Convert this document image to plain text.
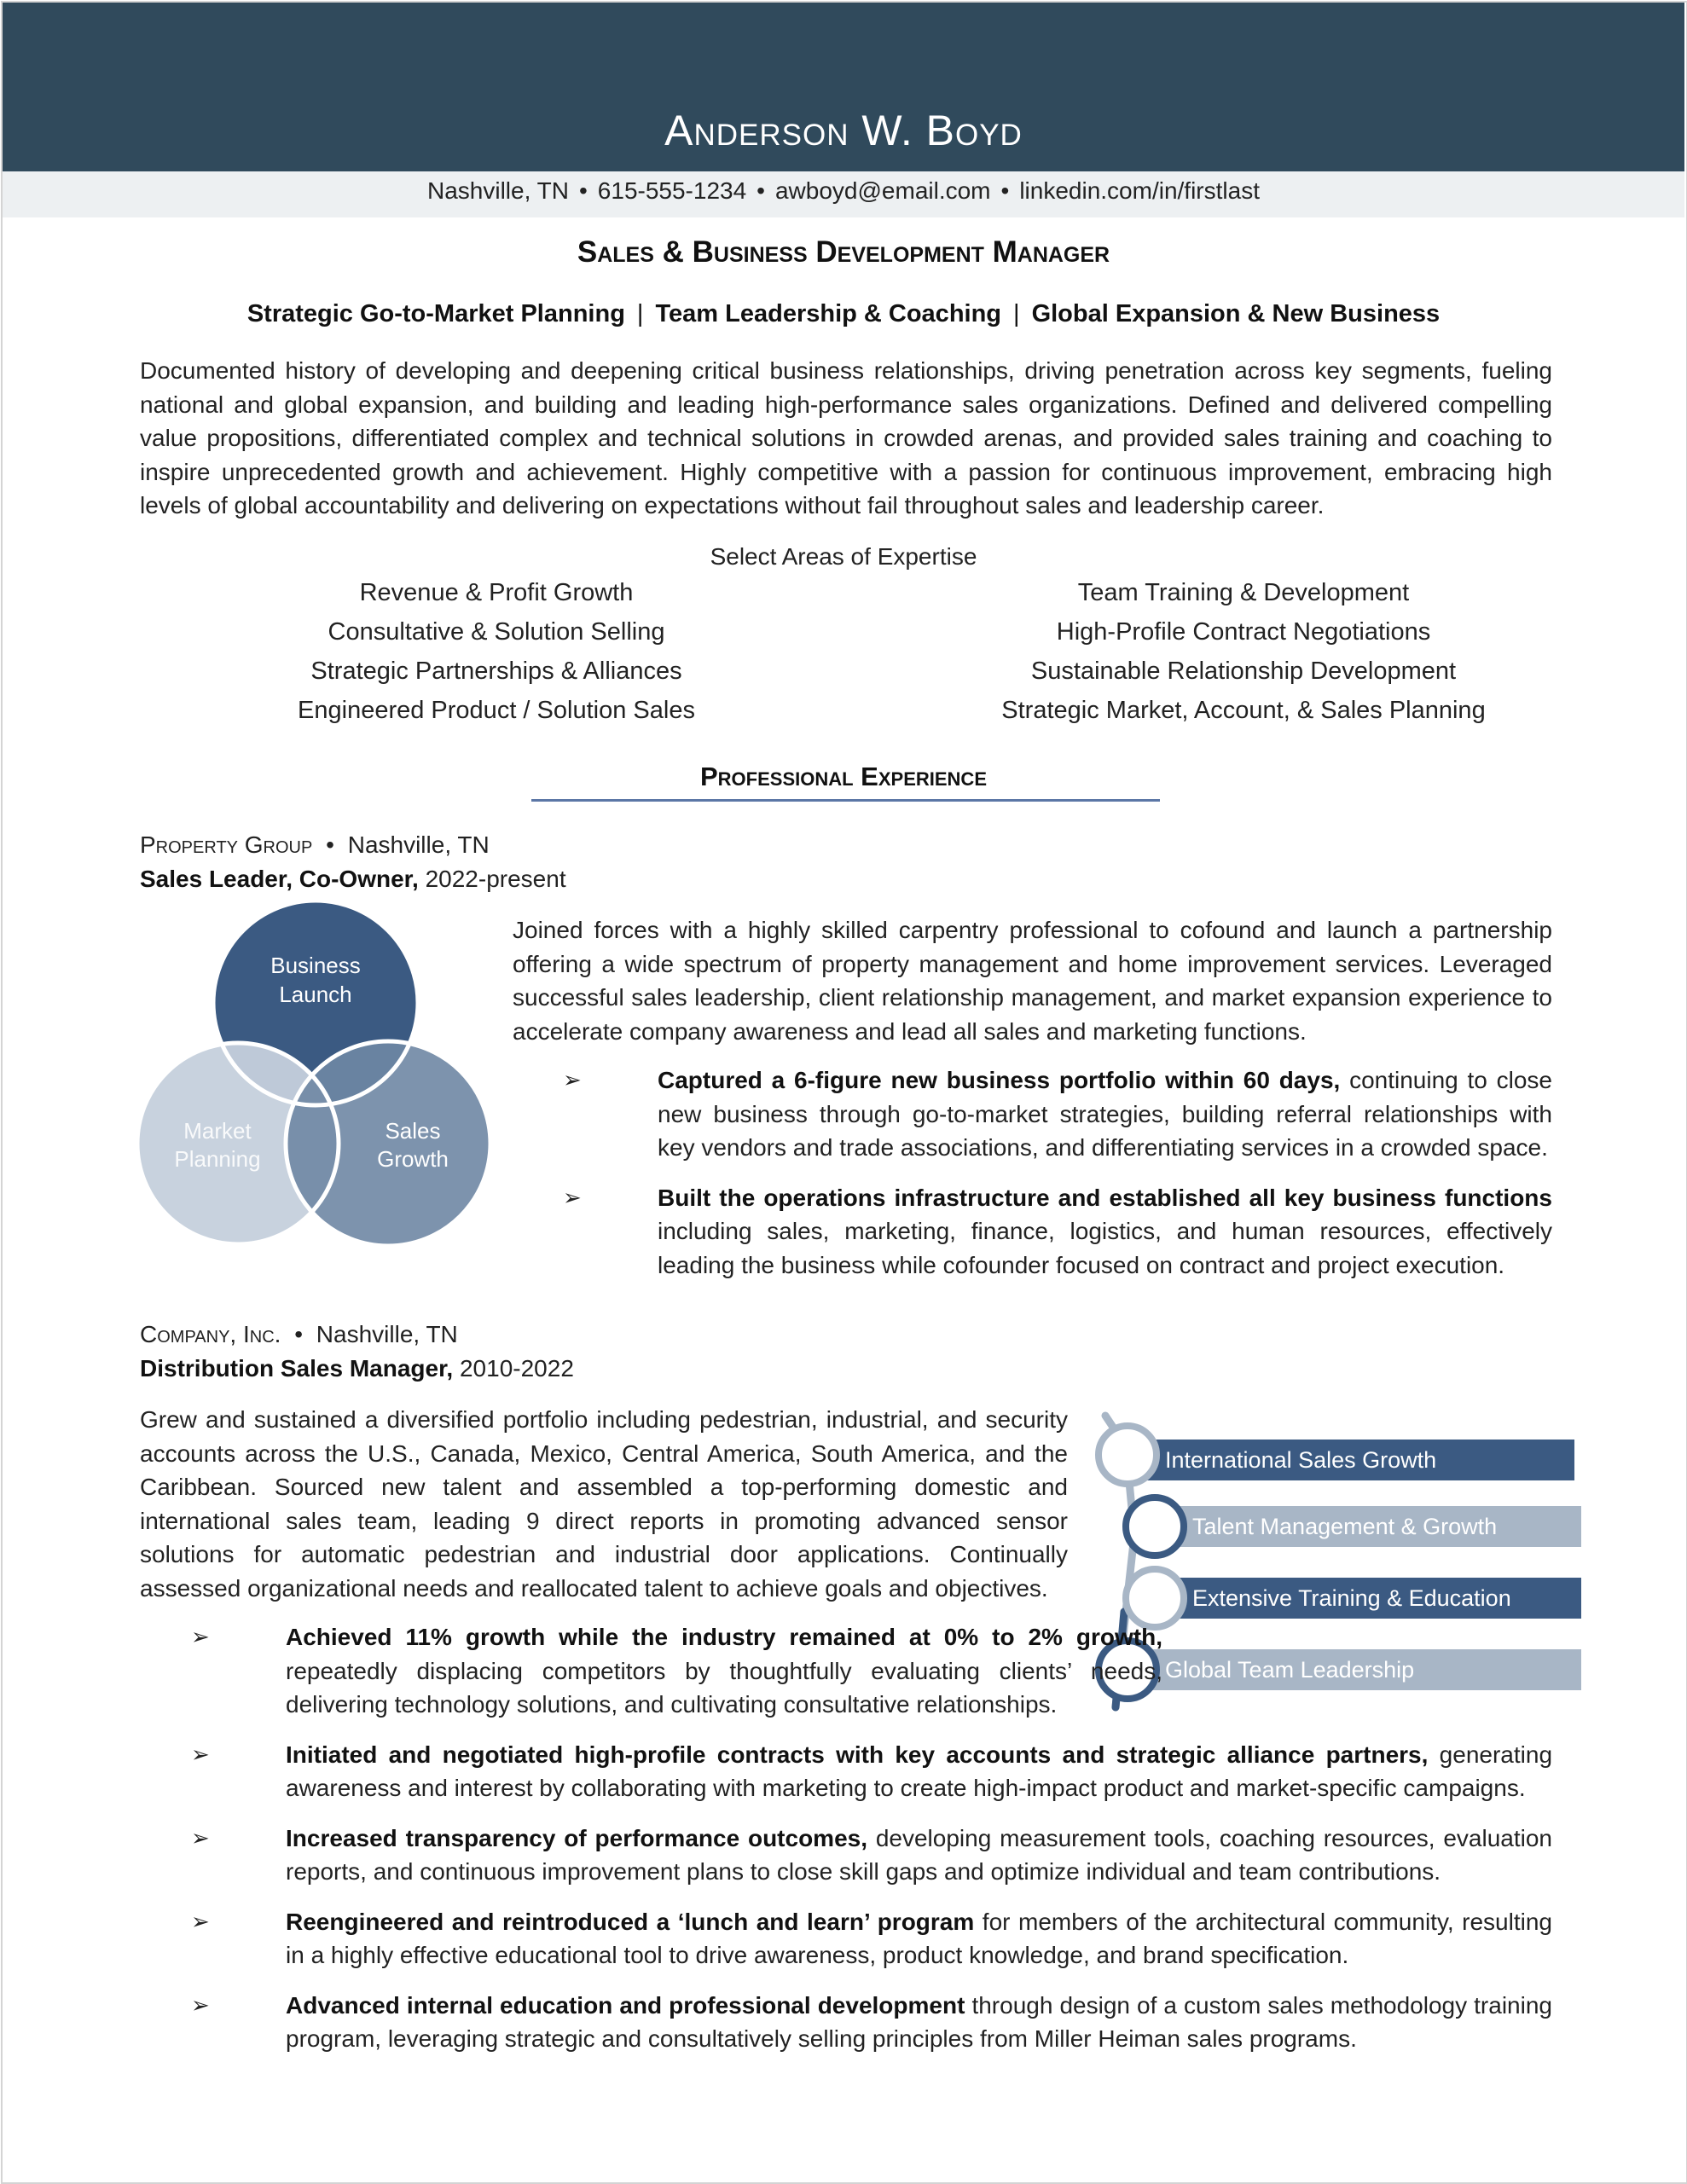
Anderson W. Boyd
Nashville, TN • 615-555-1234 • awboyd@email.com • linkedin.com/in/firstlast
Sales & Business Development Manager
Strategic Go-to-Market Planning | Team Leadership & Coaching | Global Expansion & New Business
Documented history of developing and deepening critical business relationships, driving penetration across key segments, fueling national and global expansion, and building and leading high-performance sales organizations. Defined and delivered compelling value propositions, differentiated complex and technical solutions in crowded arenas, and provided sales training and coaching to inspire unprecedented growth and achievement. Highly competitive with a passion for continuous improvement, embracing high levels of global accountability and delivering on expectations without fail throughout sales and leadership career.
Select Areas of Expertise
Revenue & Profit Growth	Team Training & Development
Consultative & Solution Selling	High-Profile Contract Negotiations
Strategic Partnerships & Alliances	Sustainable Relationship Development
Engineered Product / Solution Sales	Strategic Market, Account, & Sales Planning
Professional Experience
Property Group • Nashville, TN
Sales Leader, Co-Owner, 2022-present
Business
Launch
Market
Planning
Sales
Growth
Joined forces with a highly skilled carpentry professional to cofound and launch a partnership offering a wide spectrum of property management and home improvement services. Leveraged successful sales leadership, client relationship management, and market expansion experience to accelerate company awareness and lead all sales and marketing functions.
➢	Captured a 6-figure new business portfolio within 60 days, continuing to close new business through go-to-market strategies, building referral relationships with key vendors and trade associations, and differentiating services in a crowded space.
➢	Built the operations infrastructure and established all key business functions including sales, marketing, finance, logistics, and human resources, effectively leading the business while cofounder focused on contract and project execution.
Company, Inc. • Nashville, TN
Distribution Sales Manager, 2010-2022
Grew and sustained a diversified portfolio including pedestrian, industrial, and security accounts across the U.S., Canada, Mexico, Central America, South America, and the Caribbean. Sourced new talent and assembled a top-performing domestic and international sales team, leading 9 direct reports in promoting advanced sensor solutions for automatic pedestrian and industrial door applications. Continually assessed organizational needs and reallocated talent to achieve goals and objectives.
International Sales Growth
Talent Management & Growth
Extensive Training & Education
Global Team Leadership
➢	Achieved 11% growth while the industry remained at 0% to 2% growth, repeatedly displacing competitors by thoughtfully evaluating clients’ needs, delivering technology solutions, and cultivating consultative relationships.
➢	Initiated and negotiated high-profile contracts with key accounts and strategic alliance partners, generating awareness and interest by collaborating with marketing to create high-impact product and market-specific campaigns.
➢	Increased transparency of performance outcomes, developing measurement tools, coaching resources, evaluation reports, and continuous improvement plans to close skill gaps and optimize individual and team contributions.
➢	Reengineered and reintroduced a ‘lunch and learn’ program for members of the architectural community, resulting in a highly effective educational tool to drive awareness, product knowledge, and brand specification.
➢	Advanced internal education and professional development through design of a custom sales methodology training program, leveraging strategic and consultatively selling principles from Miller Heiman sales programs.
